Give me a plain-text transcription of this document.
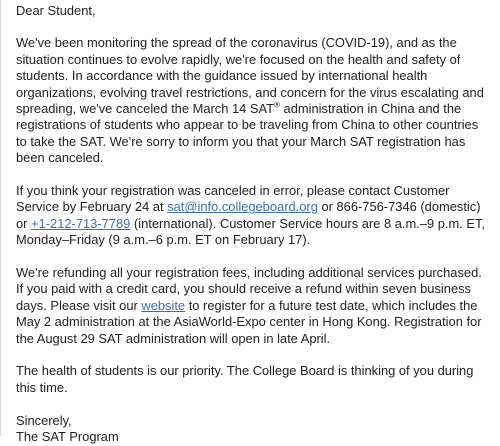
Dear Student,

We've been monitoring the spread of the coronavirus (COVID-19), and as the situation continues to evolve rapidly, we're focused on the health and safety of students. In accordance with the guidance issued by international health organizations, evolving travel restrictions, and concern for the virus escalating and spreading, we've canceled the March 14 SAT® administration in China and the registrations of students who appear to be traveling from China to other countries to take the SAT. We're sorry to inform you that your March SAT registration has been canceled.

If you think your registration was canceled in error, please contact Customer Service by February 24 at sat@info.collegeboard.org or 866-756-7346 (domestic) or +1-212-713-7789 (international). Customer Service hours are 8 a.m.–9 p.m. ET, Monday–Friday (9 a.m.–6 p.m. ET on February 17).

We're refunding all your registration fees, including additional services purchased. If you paid with a credit card, you should receive a refund within seven business days. Please visit our website to register for a future test date, which includes the May 2 administration at the AsiaWorld-Expo center in Hong Kong. Registration for the August 29 SAT administration will open in late April.

The health of students is our priority. The College Board is thinking of you during this time.

Sincerely,
The SAT Program
